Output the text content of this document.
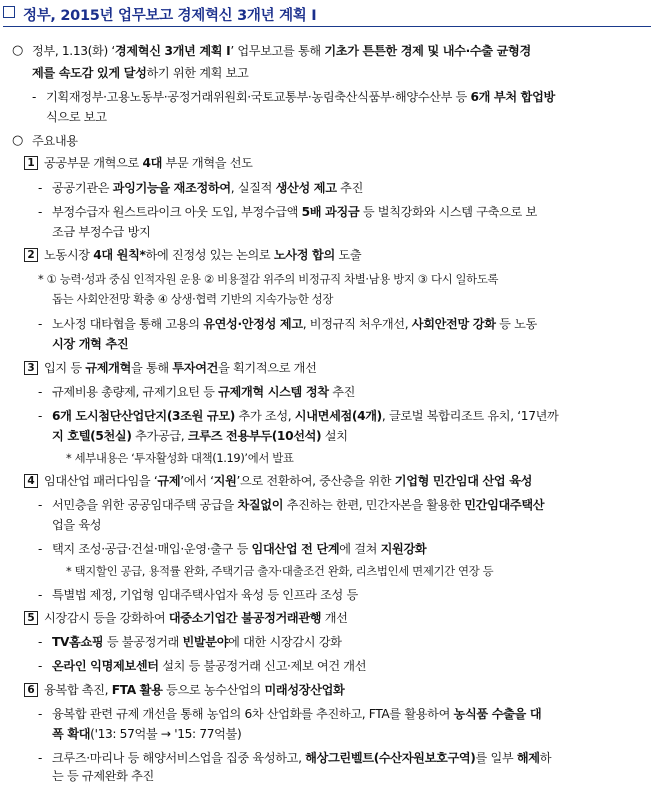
정부, 2015년 업무보고 경제혁신 3개년 계획 Ⅰ
○ 정부, 1.13(화) ‘경제혁신 3개년 계획 Ⅰ’ 업무보고를 통해 기초가 튼튼한 경제 및 내수·수출 균형경
제를 속도감 있게 달성하기 위한 계획 보고
- 기획재정부·고용노동부·공정거래위원회·국토교통부·농림축산식품부·해양수산부 등 6개 부처 합업방
식으로 보고
○ 주요내용
1 공공부문 개혁으로 4대 부문 개혁을 선도
- 공공기관은 과잉기능을 재조정하여, 실질적 생산성 제고 추진
- 부정수급자 원스트라이크 아웃 도입, 부정수급액 5배 과징금 등 벌칙강화와 시스템 구축으로 보
조금 부정수급 방지
2 노동시장 4대 원칙*하에 진정성 있는 논의로 노사정 합의 도출
* ① 능력·성과 중심 인적자원 운용 ② 비용절감 위주의 비정규직 차별·남용 방지 ③ 다시 일하도록
돕는 사회안전망 확충 ④ 상생·협력 기반의 지속가능한 성장
- 노사정 대타협을 통해 고용의 유연성·안정성 제고, 비정규직 처우개선, 사회안전망 강화 등 노동
시장 개혁 추진
3 입지 등 규제개혁을 통해 투자여건을 획기적으로 개선
- 규제비용 총량제, 규제기요틴 등 규제개혁 시스템 정착 추진
- 6개 도시첨단산업단지(3조원 규모) 추가 조성, 시내면세점(4개), 글로벌 복합리조트 유치, ‘17년까
지 호텔(5천실) 추가공급, 크루즈 전용부두(10선석) 설치
* 세부내용은 ‘투자활성화 대책(1.19)’에서 발표
4 임대산업 패러다임을 ‘규제’에서 ‘지원’으로 전환하여, 중산층을 위한 기업형 민간임대 산업 육성
- 서민층을 위한 공공임대주택 공급을 차질없이 추진하는 한편, 민간자본을 활용한 민간임대주택산
업을 육성
- 택지 조성·공급·건설·매입·운영·출구 등 임대산업 전 단계에 걸쳐 지원강화
* 택지할인 공급, 용적률 완화, 주택기금 출자·대출조건 완화, 리츠법인세 면제기간 연장 등
- 특별법 제정, 기업형 임대주택사업자 육성 등 인프라 조성 등
5 시장감시 등을 강화하여 대중소기업간 불공정거래관행 개선
- TV홈쇼핑 등 불공정거래 빈발분야에 대한 시장감시 강화
- 온라인 익명제보센터 설치 등 불공정거래 신고·제보 여건 개선
6 융복합 촉진, FTA 활용 등으로 농수산업의 미래성장산업화
- 융복합 관련 규제 개선을 통해 농업의 6차 산업화를 추진하고, FTA를 활용하여 농식품 수출을 대
폭 확대('13: 57억불 → '15: 77억불)
- 크루즈·마리나 등 해양서비스업을 집중 육성하고, 해상그린벨트(수산자원보호구역)를 일부 해제하
는 등 규제완화 추진
